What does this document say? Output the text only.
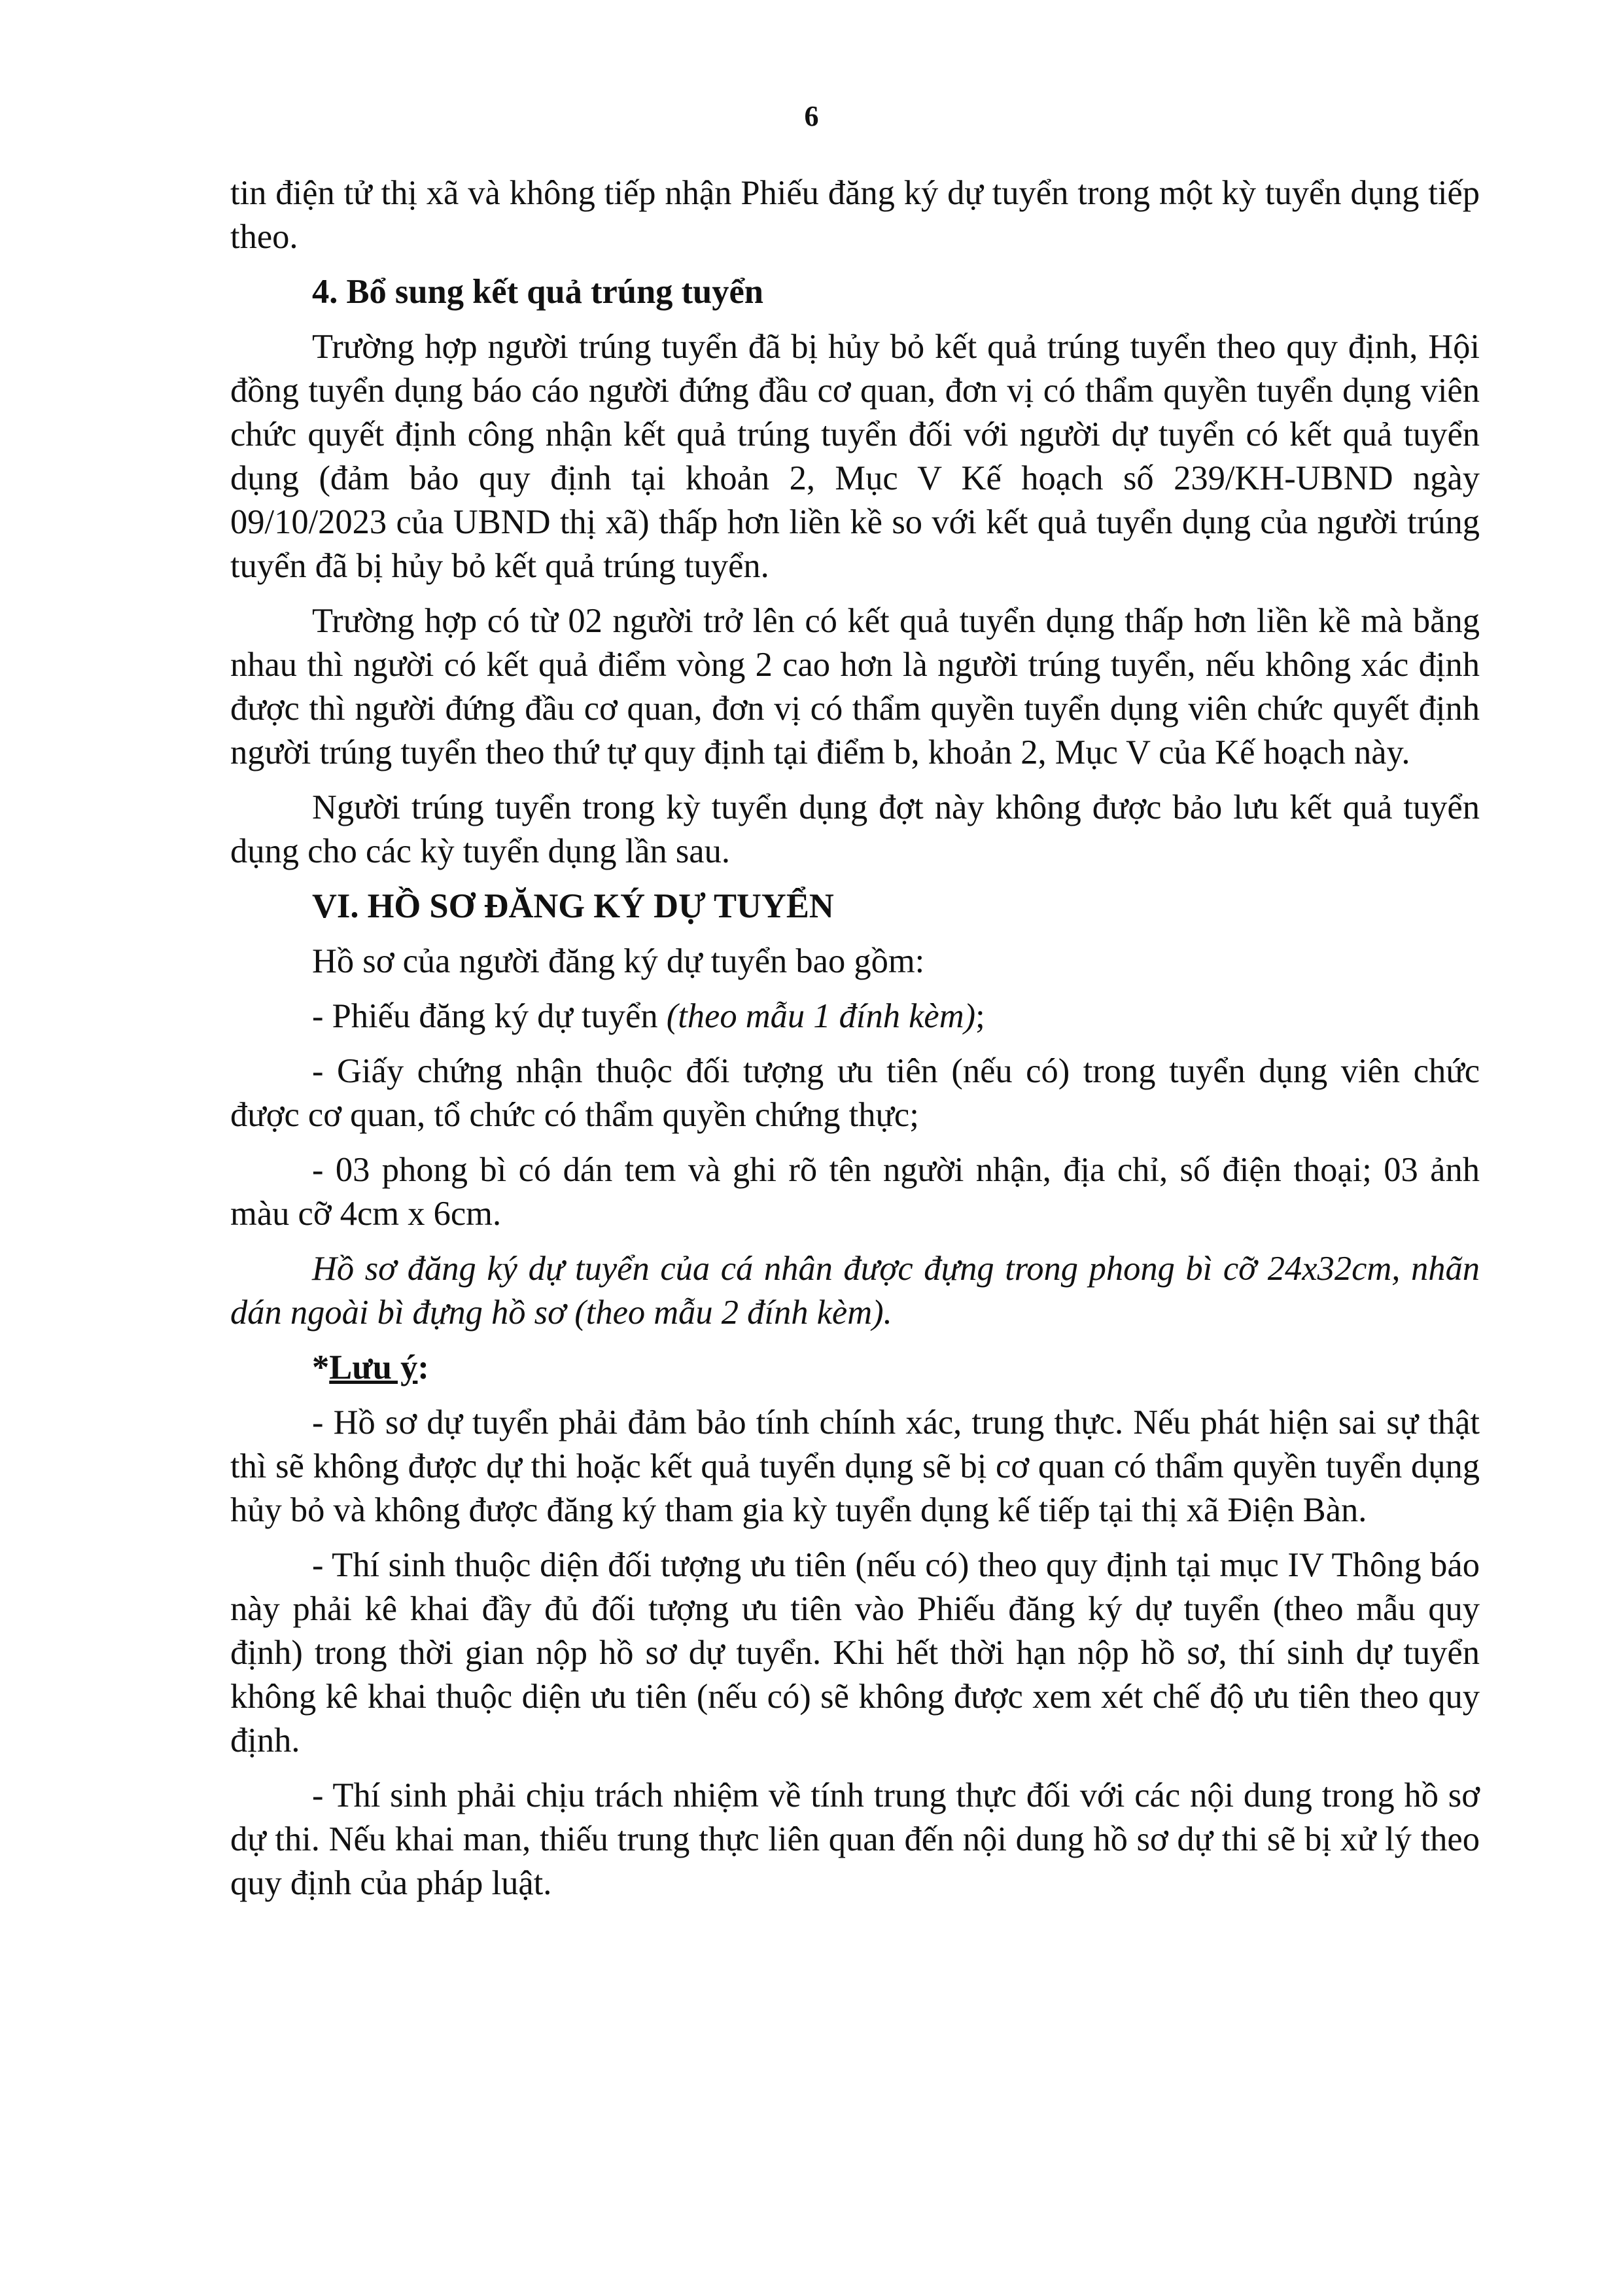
6

tin điện tử thị xã và không tiếp nhận Phiếu đăng ký dự tuyển trong một kỳ tuyển dụng tiếp theo.

4. Bổ sung kết quả trúng tuyển

Trường hợp người trúng tuyển đã bị hủy bỏ kết quả trúng tuyển theo quy định, Hội đồng tuyển dụng báo cáo người đứng đầu cơ quan, đơn vị có thẩm quyền tuyển dụng viên chức quyết định công nhận kết quả trúng tuyển đối với người dự tuyển có kết quả tuyển dụng (đảm bảo quy định tại khoản 2, Mục V Kế hoạch số 239/KH-UBND ngày 09/10/2023 của UBND thị xã) thấp hơn liền kề so với kết quả tuyển dụng của người trúng tuyển đã bị hủy bỏ kết quả trúng tuyển.

Trường hợp có từ 02 người trở lên có kết quả tuyển dụng thấp hơn liền kề mà bằng nhau thì người có kết quả điểm vòng 2 cao hơn là người trúng tuyển, nếu không xác định được thì người đứng đầu cơ quan, đơn vị có thẩm quyền tuyển dụng viên chức quyết định người trúng tuyển theo thứ tự quy định tại điểm b, khoản 2, Mục V của Kế hoạch này.

Người trúng tuyển trong kỳ tuyển dụng đợt này không được bảo lưu kết quả tuyển dụng cho các kỳ tuyển dụng lần sau.

VI. HỒ SƠ ĐĂNG KÝ DỰ TUYỂN

Hồ sơ của người đăng ký dự tuyển bao gồm:

- Phiếu đăng ký dự tuyển (theo mẫu 1 đính kèm);

- Giấy chứng nhận thuộc đối tượng ưu tiên (nếu có) trong tuyển dụng viên chức được cơ quan, tổ chức có thẩm quyền chứng thực;

- 03 phong bì có dán tem và ghi rõ tên người nhận, địa chỉ, số điện thoại; 03 ảnh màu cỡ 4cm x 6cm.

Hồ sơ đăng ký dự tuyển của cá nhân được đựng trong phong bì cỡ 24x32cm, nhãn dán ngoài bì đựng hồ sơ (theo mẫu 2 đính kèm).

*Lưu ý:

- Hồ sơ dự tuyển phải đảm bảo tính chính xác, trung thực. Nếu phát hiện sai sự thật thì sẽ không được dự thi hoặc kết quả tuyển dụng sẽ bị cơ quan có thẩm quyền tuyển dụng hủy bỏ và không được đăng ký tham gia kỳ tuyển dụng kế tiếp tại thị xã Điện Bàn.

- Thí sinh thuộc diện đối tượng ưu tiên (nếu có) theo quy định tại mục IV Thông báo này phải kê khai đầy đủ đối tượng ưu tiên vào Phiếu đăng ký dự tuyển (theo mẫu quy định) trong thời gian nộp hồ sơ dự tuyển. Khi hết thời hạn nộp hồ sơ, thí sinh dự tuyển không kê khai thuộc diện ưu tiên (nếu có) sẽ không được xem xét chế độ ưu tiên theo quy định.

- Thí sinh phải chịu trách nhiệm về tính trung thực đối với các nội dung trong hồ sơ dự thi. Nếu khai man, thiếu trung thực liên quan đến nội dung hồ sơ dự thi sẽ bị xử lý theo quy định của pháp luật.
